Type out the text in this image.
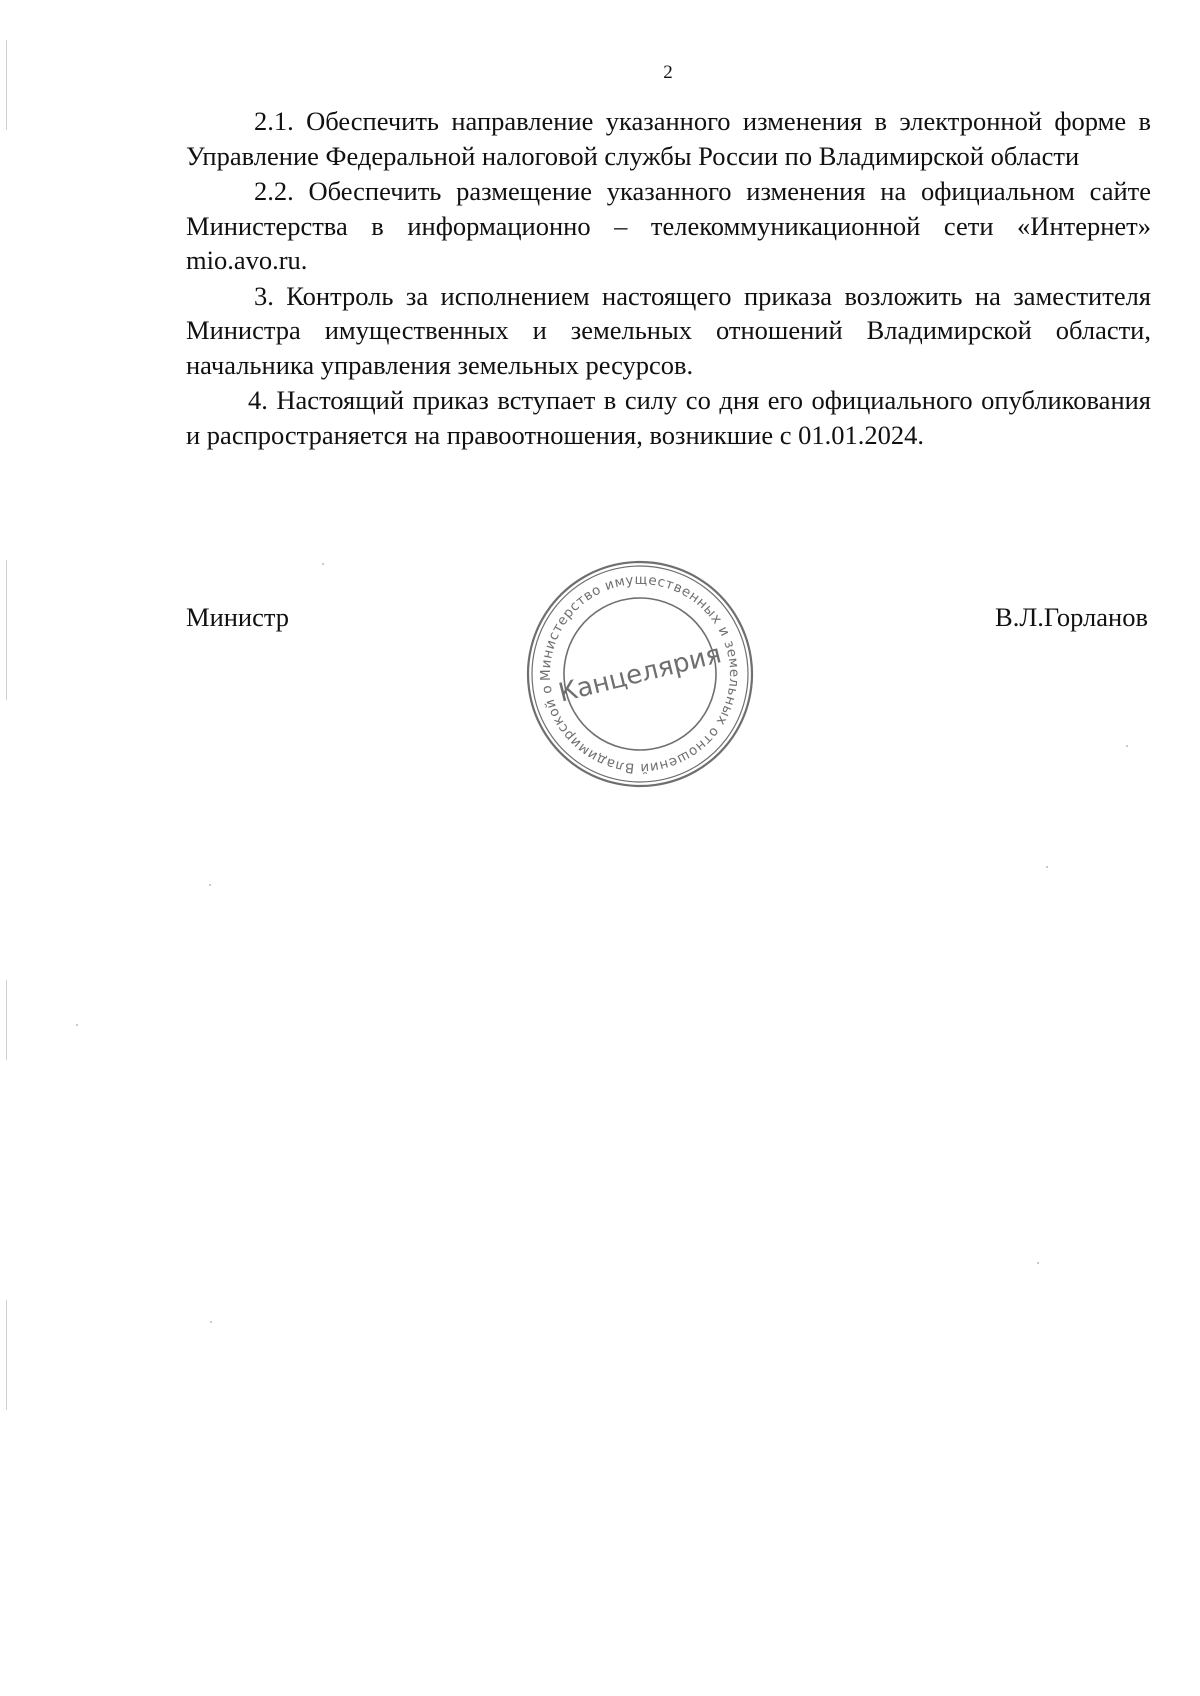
2

2.1. Обеспечить направление указанного изменения в электронной форме в Управление Федеральной налоговой службы России по Владимирской области

2.2. Обеспечить размещение указанного изменения на официальном сайте Министерства в информационно – телекоммуникационной сети «Интернет» mio.avo.ru.

3. Контроль за исполнением настоящего приказа возложить на заместителя Министра имущественных и земельных отношений Владимирской области, начальника управления земельных ресурсов.

4. Настоящий приказ вступает в силу со дня его официального опубликования и распространяется на правоотношения, возникшие с 01.01.2024.

Министр	В.Л.Горланов
Министерство имущественных и земельных отношений Владимирской области
Канцелярия
